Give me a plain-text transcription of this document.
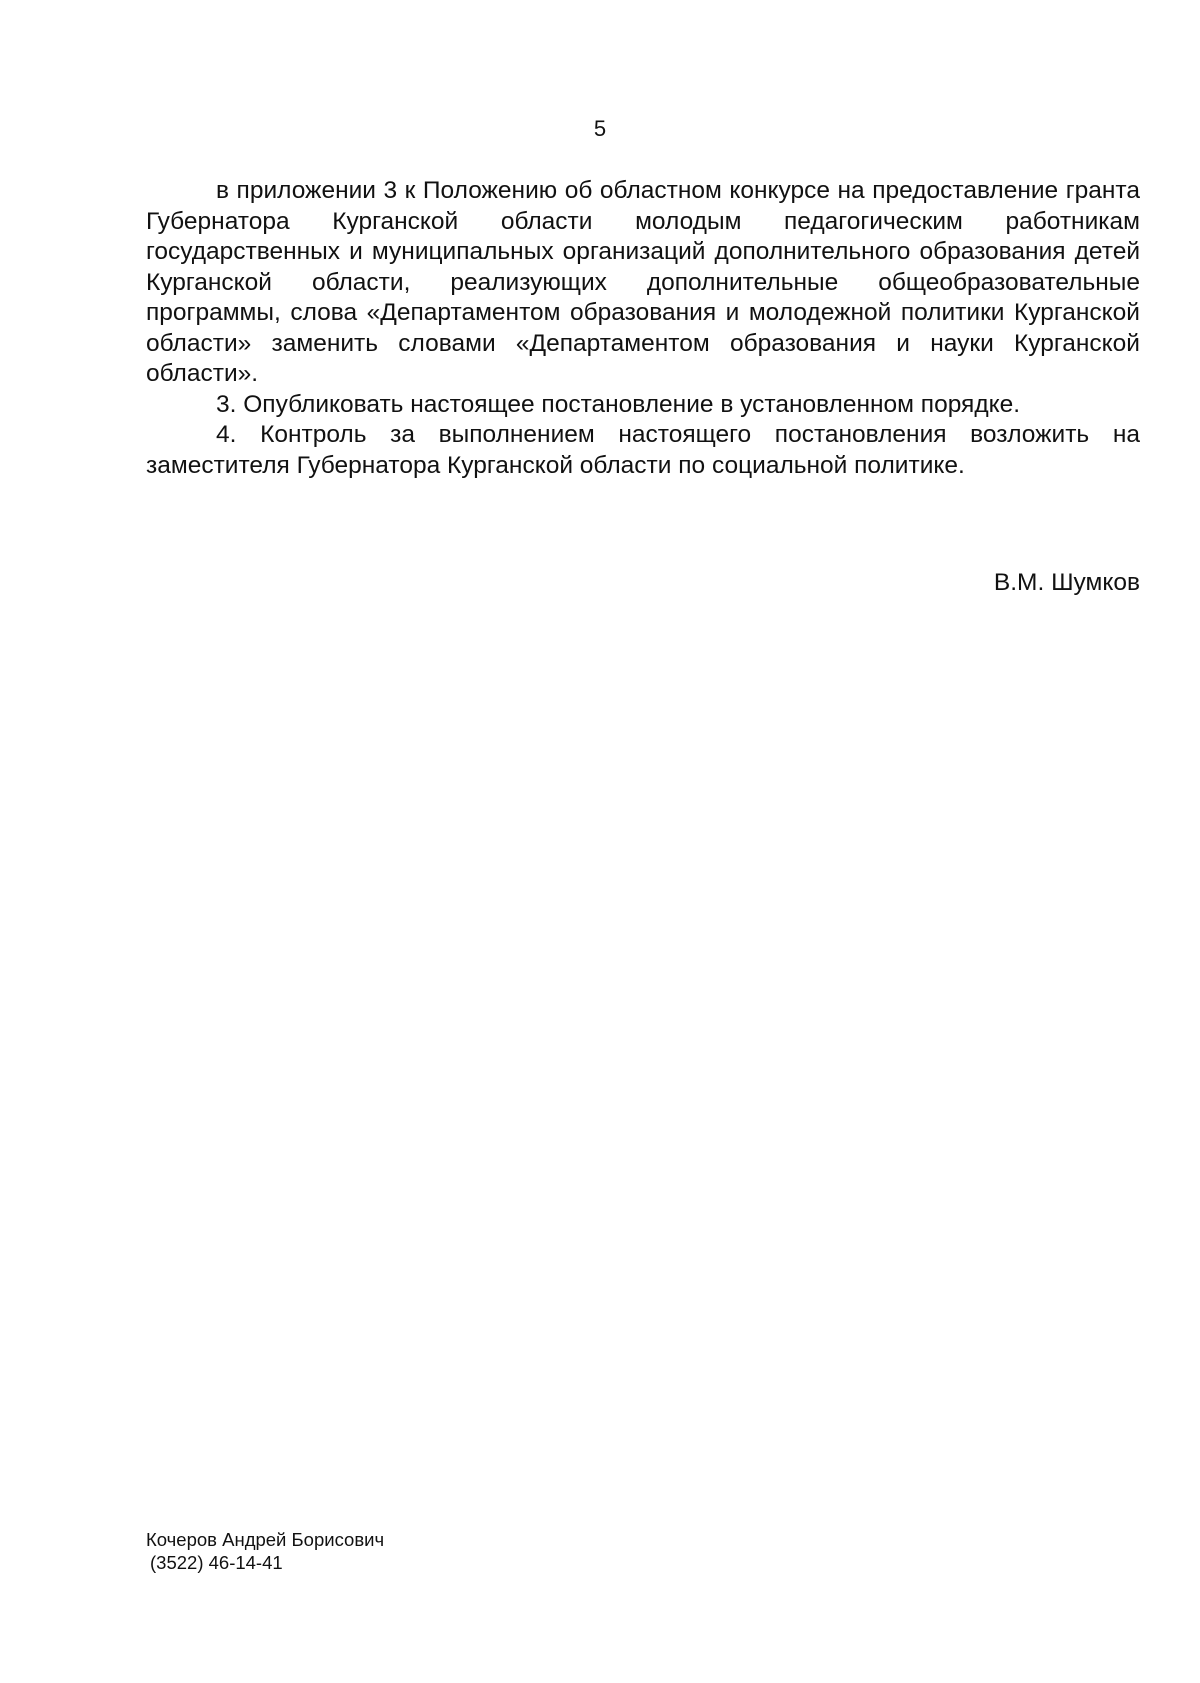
5

в приложении 3 к Положению об областном конкурсе на предоставление гранта Губернатора Курганской области молодым педагогическим работникам государственных и муниципальных организаций дополнительного образования детей Курганской области, реализующих дополнительные общеобразовательные программы, слова «Департаментом образования и молодежной политики Курганской области» заменить словами «Департаментом образования и науки Курганской области».

3. Опубликовать настоящее постановление в установленном порядке.

4. Контроль за выполнением настоящего постановления возложить на заместителя Губернатора Курганской области по социальной политике.

В.М. Шумков
Кочеров Андрей Борисович
(3522) 46-14-41
